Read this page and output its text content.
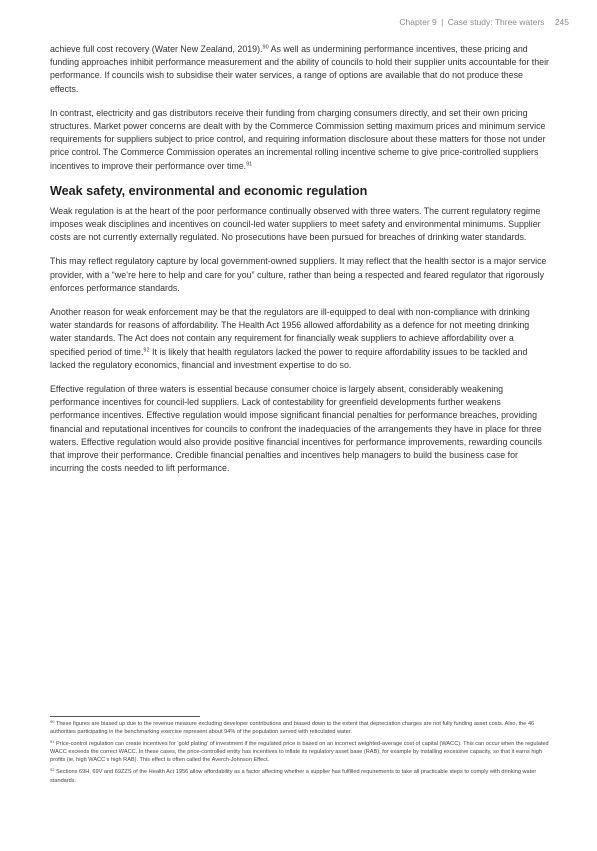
Chapter 9 | Case study: Three waters 245

achieve full cost recovery (Water New Zealand, 2019).$^{90}$ As well as undermining performance incentives, these pricing and funding approaches inhibit performance measurement and the ability of councils to hold their supplier units accountable for their performance. If councils wish to subsidise their water services, a range of options are available that do not produce these effects.

In contrast, electricity and gas distributors receive their funding from charging consumers directly, and set their own pricing structures. Market power concerns are dealt with by the Commerce Commission setting maximum prices and minimum service requirements for suppliers subject to price control, and requiring information disclosure about these matters for those not under price control. The Commerce Commission operates an incremental rolling incentive scheme to give price-controlled suppliers incentives to improve their performance over time.$^{91}$

Weak safety, environmental and economic regulation

Weak regulation is at the heart of the poor performance continually observed with three waters. The current regulatory regime imposes weak disciplines and incentives on council-led water suppliers to meet safety and environmental minimums. Supplier costs are not currently externally regulated. No prosecutions have been pursued for breaches of drinking water standards.

This may reflect regulatory capture by local government-owned suppliers. It may reflect that the health sector is a major service provider, with a “we’re here to help and care for you” culture, rather than being a respected and feared regulator that rigorously enforces performance standards.

Another reason for weak enforcement may be that the regulators are ill-equipped to deal with non-compliance with drinking water standards for reasons of affordability. The Health Act 1956 allowed affordability as a defence for not meeting drinking water standards. The Act does not contain any requirement for financially weak suppliers to achieve affordability over a specified period of time.$^{92}$ It is likely that health regulators lacked the power to require affordability issues to be tackled and lacked the regulatory economics, financial and investment expertise to do so.

Effective regulation of three waters is essential because consumer choice is largely absent, considerably weakening performance incentives for council-led suppliers. Lack of contestability for greenfield developments further weakens performance incentives. Effective regulation would impose significant financial penalties for performance breaches, providing financial and reputational incentives for councils to confront the inadequacies of the arrangements they have in place for three waters. Effective regulation would also provide positive financial incentives for performance improvements, rewarding councils that improve their performance. Credible financial penalties and incentives help managers to build the business case for incurring the costs needed to lift performance.

$^{90}$ These figures are biased up due to the revenue measure excluding developer contributions and biased down to the extent that depreciation charges are not fully funding asset costs. Also, the 46 authorities participating in the benchmarking exercise represent about 94% of the population served with reticulated water.

$^{91}$ Price-control regulation can create incentives for ‘gold plating’ of investment if the regulated price is based on an incorrect weighted-average cost of capital (WACC). This can occur when the regulated WACC exceeds the correct WACC. In these cases, the price-controlled entity has incentives to inflate its regulatory asset base (RAB), for example by installing excessive capacity, so that it earns high profits (ie, high WACC x high RAB). This effect is often called the Averch-Johnson Effect.

$^{92}$ Sections 69H, 69V and 69ZZS of the Health Act 1956 allow affordability as a factor affecting whether a supplier has fulfilled requirements to take all practicable steps to comply with drinking water standards.
